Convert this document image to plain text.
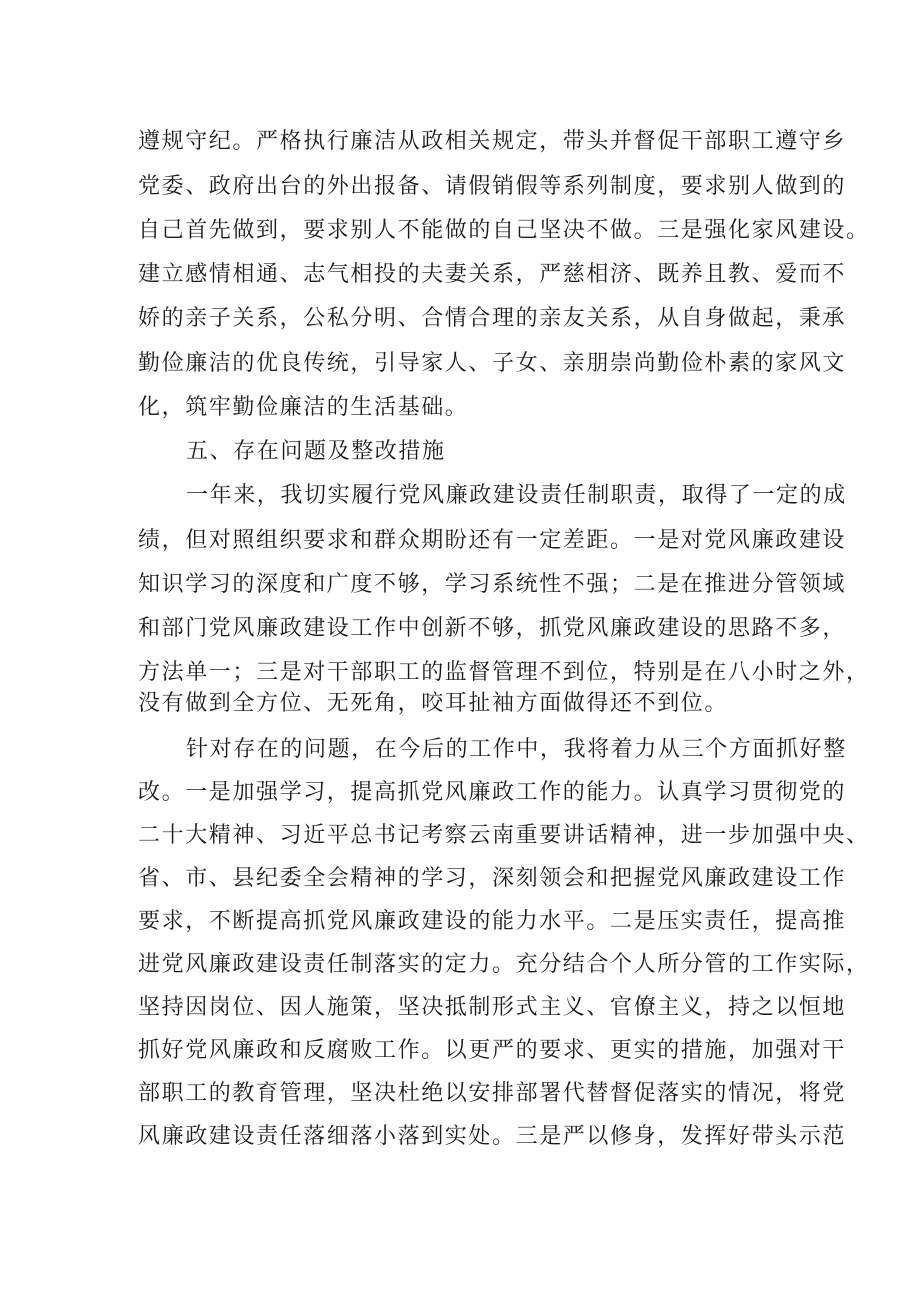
遵规守纪。严格执行廉洁从政相关规定，带头并督促干部职工遵守乡
党委、政府出台的外出报备、请假销假等系列制度，要求别人做到的
自己首先做到，要求别人不能做的自己坚决不做。三是强化家风建设。
建立感情相通、志气相投的夫妻关系，严慈相济、既养且教、爱而不
娇的亲子关系，公私分明、合情合理的亲友关系，从自身做起，秉承
勤俭廉洁的优良传统，引导家人、子女、亲朋崇尚勤俭朴素的家风文
化，筑牢勤俭廉洁的生活基础。
五、存在问题及整改措施
一年来，我切实履行党风廉政建设责任制职责，取得了一定的成
绩，但对照组织要求和群众期盼还有一定差距。一是对党风廉政建设
知识学习的深度和广度不够，学习系统性不强；二是在推进分管领域
和部门党风廉政建设工作中创新不够，抓党风廉政建设的思路不多，
方法单一；三是对干部职工的监督管理不到位，特别是在八小时之外，
没有做到全方位、无死角，咬耳扯袖方面做得还不到位。
针对存在的问题，在今后的工作中，我将着力从三个方面抓好整
改。一是加强学习，提高抓党风廉政工作的能力。认真学习贯彻党的
二十大精神、习近平总书记考察云南重要讲话精神，进一步加强中央、
省、市、县纪委全会精神的学习，深刻领会和把握党风廉政建设工作
要求，不断提高抓党风廉政建设的能力水平。二是压实责任，提高推
进党风廉政建设责任制落实的定力。充分结合个人所分管的工作实际，
坚持因岗位、因人施策，坚决抵制形式主义、官僚主义，持之以恒地
抓好党风廉政和反腐败工作。以更严的要求、更实的措施，加强对干
部职工的教育管理，坚决杜绝以安排部署代替督促落实的情况，将党
风廉政建设责任落细落小落到实处。三是严以修身，发挥好带头示范
